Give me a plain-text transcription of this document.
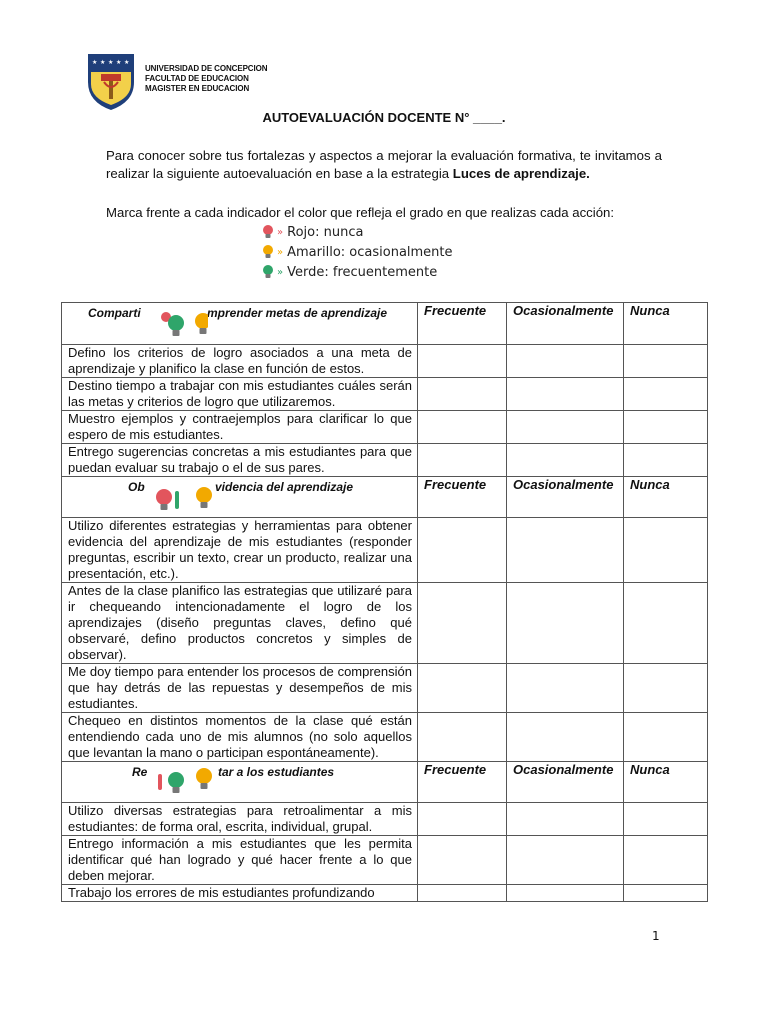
★ ★ ★ ★ ★
UNIVERSIDAD DE CONCEPCION
FACULTAD DE EDUCACION
MAGISTER EN EDUCACION
AUTOEVALUACIÓN DOCENTE N° ____.
Para conocer sobre tus fortalezas y aspectos a mejorar la evaluación formativa, te invitamos a realizar la siguiente autoevaluación en base a la estrategia Luces de aprendizaje.
Marca frente a cada indicador el color que refleja el grado en que realizas cada acción:
» Rojo: nunca
» Amarillo: ocasionalmente
» Verde: frecuentemente
Comparti mprender metas de aprendizaje	Frecuente	Ocasionalmente	Nunca
Defino los criterios de logro asociados a una meta de aprendizaje y planifico la clase en función de estos.			
Destino tiempo a trabajar con mis estudiantes cuáles serán las metas y criterios de logro que utilizaremos.			
Muestro ejemplos y contraejemplos para clarificar lo que espero de mis estudiantes.			
Entrego sugerencias concretas a mis estudiantes para que puedan evaluar su trabajo o el de sus pares.			

Ob videncia del aprendizaje	Frecuente	Ocasionalmente	Nunca
Utilizo diferentes estrategias y herramientas para obtener evidencia del aprendizaje de mis estudiantes (responder preguntas, escribir un texto, crear un producto, realizar una presentación, etc.).			
Antes de la clase planifico las estrategias que utilizaré para ir chequeando intencionadamente el logro de los aprendizajes (diseño preguntas claves, defino qué observaré, defino productos concretos y simples de observar).			
Me doy tiempo para entender los procesos de comprensión que hay detrás de las repuestas y desempeños de mis estudiantes.			
Chequeo en distintos momentos de la clase qué están entendiendo cada uno de mis alumnos (no solo aquellos que levantan la mano o participan espontáneamente).			

Re tar a los estudiantes	Frecuente	Ocasionalmente	Nunca
Utilizo diversas estrategias para retroalimentar a mis estudiantes: de forma oral, escrita, individual, grupal.			
Entrego información a mis estudiantes que les permita identificar qué han logrado y qué hacer frente a lo que deben mejorar.			
Trabajo los errores de mis estudiantes profundizando			
1
